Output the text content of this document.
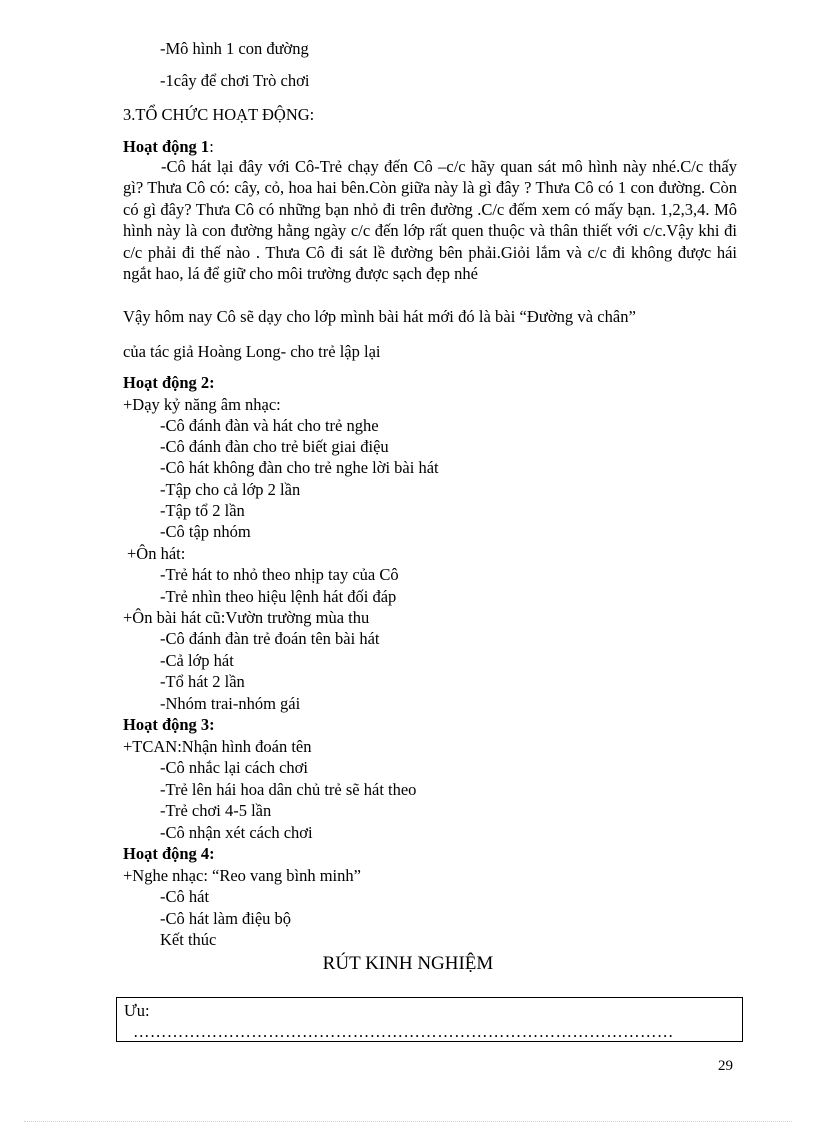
-Mô hình 1 con đường
-1cây để chơi Trò chơi
3.TỔ CHỨC HOẠT ĐỘNG:
Hoạt động 1:
-Cô hát lại đây với Cô-Trẻ chạy đến Cô –c/c hãy quan sát mô hình này nhé.C/c thấy gì? Thưa Cô có: cây, cỏ, hoa hai bên.Còn giữa này là gì đây ? Thưa Cô có 1 con đường. Còn có gì đây? Thưa Cô có những bạn nhỏ đi trên đường .C/c đếm xem có mấy bạn. 1,2,3,4. Mô hình này là con đường hằng ngày c/c đến lớp rất quen thuộc và thân thiết với c/c.Vậy khi đi c/c phải đi thế nào . Thưa Cô đi sát lề đường bên phải.Giỏi lắm và c/c đi không được hái ngắt hao, lá để giữ cho môi trường được sạch đẹp nhé
Vậy hôm nay Cô sẽ dạy cho lớp mình bài hát mới đó là bài “Đường và chân”
của tác giả Hoàng Long- cho trẻ lập lại
Hoạt động 2:
+Dạy kỷ năng âm nhạc:
-Cô đánh đàn và hát cho trẻ nghe
-Cô đánh đàn cho trẻ biết giai điệu
-Cô hát không đàn cho trẻ nghe lời bài hát
-Tập cho cả lớp 2 lần
-Tập tổ 2 lần
-Cô tập nhóm
+Ôn hát:
-Trẻ hát to nhỏ theo nhịp tay của Cô
-Trẻ nhìn theo hiệu lệnh hát đối đáp
+Ôn bài hát cũ:Vườn trường mùa thu
-Cô đánh đàn trẻ đoán tên bài hát
-Cả lớp hát
-Tổ hát 2 lần
-Nhóm trai-nhóm gái
Hoạt động 3:
+TCAN:Nhận hình đoán tên
-Cô nhắc lại cách chơi
-Trẻ lên hái hoa dân chủ trẻ sẽ hát theo
-Trẻ chơi 4-5 lần
-Cô nhận xét cách chơi
Hoạt động 4:
+Nghe nhạc: “Reo vang bình minh”
-Cô hát
-Cô hát làm điệu bộ
Kết thúc
RÚT KINH NGHIỆM
Ưu:
……………………………………………………………………………………
29
